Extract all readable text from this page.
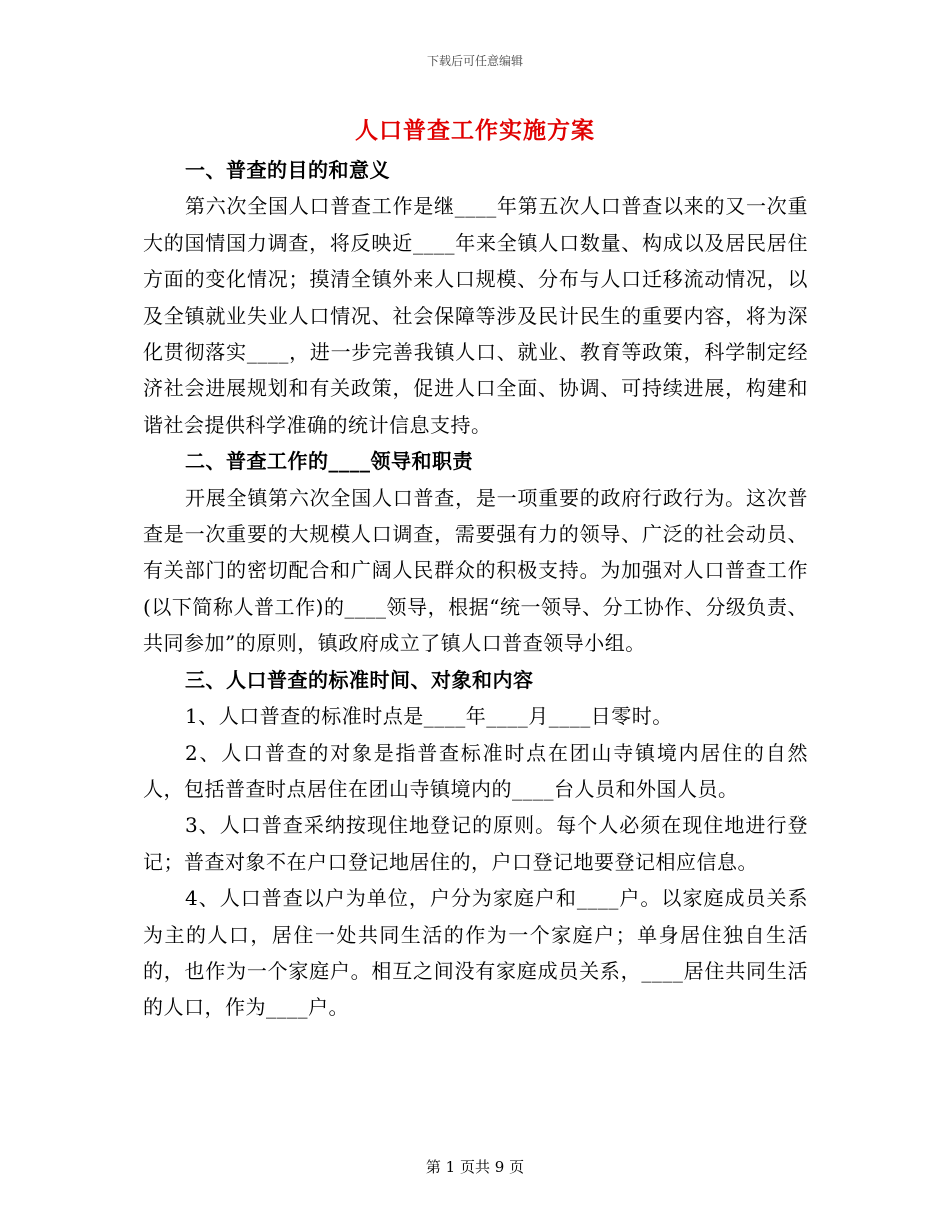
下载后可任意编辑
人口普查工作实施方案

一、普查的目的和意义

第六次全国人口普查工作是继____年第五次人口普查以来的又一次重大的国情国力调查，将反映近____年来全镇人口数量、构成以及居民居住方面的变化情况；摸清全镇外来人口规模、分布与人口迁移流动情况，以及全镇就业失业人口情况、社会保障等涉及民计民生的重要内容，将为深化贯彻落实____，进一步完善我镇人口、就业、教育等政策，科学制定经济社会进展规划和有关政策，促进人口全面、协调、可持续进展，构建和谐社会提供科学准确的统计信息支持。

二、普查工作的____领导和职责

开展全镇第六次全国人口普查，是一项重要的政府行政行为。这次普查是一次重要的大规模人口调查，需要强有力的领导、广泛的社会动员、有关部门的密切配合和广阔人民群众的积极支持。为加强对人口普查工作(以下简称人普工作)的____领导，根据“统一领导、分工协作、分级负责、共同参加”的原则，镇政府成立了镇人口普查领导小组。

三、人口普查的标准时间、对象和内容

1、人口普查的标准时点是____年____月____日零时。

2、人口普查的对象是指普查标准时点在团山寺镇境内居住的自然人，包括普查时点居住在团山寺镇境内的____台人员和外国人员。

3、人口普查采纳按现住地登记的原则。每个人必须在现住地进行登记；普查对象不在户口登记地居住的，户口登记地要登记相应信息。

4、人口普查以户为单位，户分为家庭户和____户。以家庭成员关系为主的人口，居住一处共同生活的作为一个家庭户；单身居住独自生活的，也作为一个家庭户。相互之间没有家庭成员关系，____居住共同生活的人口，作为____户。

第 1 页共 9 页
